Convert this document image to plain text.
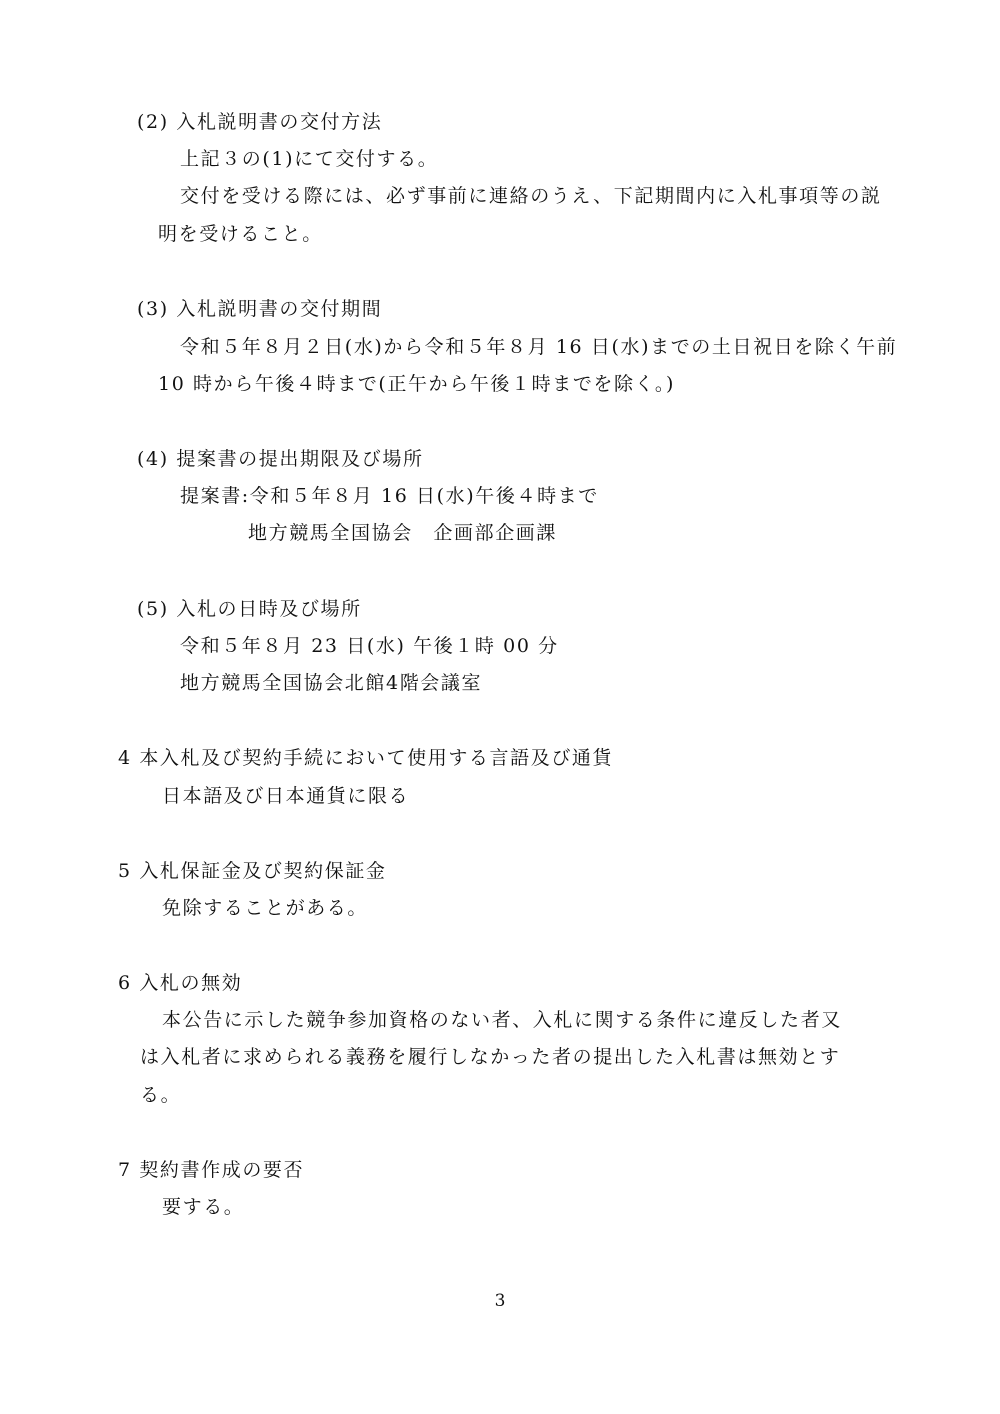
(2) 入札説明書の交付方法
上記３の(1)にて交付する。
交付を受ける際には、必ず事前に連絡のうえ、下記期間内に入札事項等の説
明を受けること。
(3) 入札説明書の交付期間
令和５年８月２日(水)から令和５年８月 16 日(水)までの土日祝日を除く午前
10 時から午後４時まで(正午から午後１時までを除く。)
(4) 提案書の提出期限及び場所
提案書:令和５年８月 16 日(水)午後４時まで
地方競馬全国協会　企画部企画課
(5) 入札の日時及び場所
令和５年８月 23 日(水) 午後１時 00 分
地方競馬全国協会北館4階会議室
4 本入札及び契約手続において使用する言語及び通貨
日本語及び日本通貨に限る
5 入札保証金及び契約保証金
免除することがある。
6 入札の無効
本公告に示した競争参加資格のない者、入札に関する条件に違反した者又
は入札者に求められる義務を履行しなかった者の提出した入札書は無効とす
る。
7 契約書作成の要否
要する。
3
